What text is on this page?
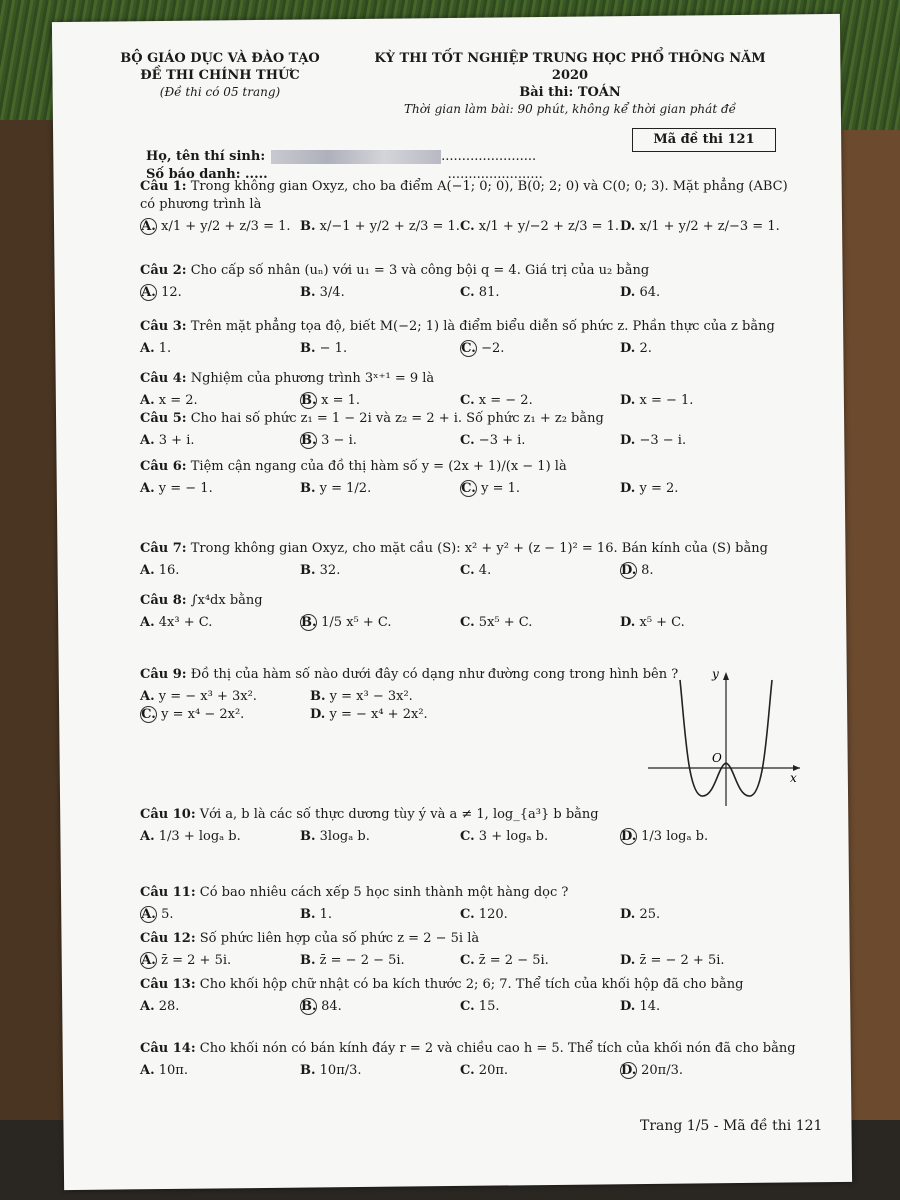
BỘ GIÁO DỤC VÀ ĐÀO TẠO
ĐỀ THI CHÍNH THỨC
(Đề thi có 05 trang)
KỲ THI TỐT NGHIỆP TRUNG HỌC PHỔ THÔNG NĂM 2020
Bài thi: TOÁN
Thời gian làm bài: 90 phút, không kể thời gian phát đề
Mã đề thi 121
Họ, tên thí sinh:	.......................
Số báo danh: .....	.......................
Câu 1: Trong không gian Oxyz, cho ba điểm A(−1; 0; 0), B(0; 2; 0) và C(0; 0; 3). Mặt phẳng (ABC) có phương trình là
A. x/1 + y/2 + z/3 = 1. B. x/−1 + y/2 + z/3 = 1. C. x/1 + y/−2 + z/3 = 1. D. x/1 + y/2 + z/−3 = 1.
Câu 2: Cho cấp số nhân (uₙ) với u₁ = 3 và công bội q = 4. Giá trị của u₂ bằng
A. 12.	B. 3/4.	C. 81.	D. 64.
Câu 3: Trên mặt phẳng tọa độ, biết M(−2; 1) là điểm biểu diễn số phức z. Phần thực của z bằng
A. 1.	B. − 1.	C. −2.	D. 2.
Câu 4: Nghiệm của phương trình 3ˣ⁺¹ = 9 là
A. x = 2.	B. x = 1.	C. x = − 2.	D. x = − 1.
Câu 5: Cho hai số phức z₁ = 1 − 2i và z₂ = 2 + i. Số phức z₁ + z₂ bằng
A. 3 + i.	B. 3 − i.	C. −3 + i.	D. −3 − i.
Câu 6: Tiệm cận ngang của đồ thị hàm số y = (2x + 1)/(x − 1) là
A. y = − 1.	B. y = 1/2.	C. y = 1.	D. y = 2.
Câu 7: Trong không gian Oxyz, cho mặt cầu (S): x² + y² + (z − 1)² = 16. Bán kính của (S) bằng
A. 16.	B. 32.	C. 4.	D. 8.
Câu 8: ∫x⁴dx bằng
A. 4x³ + C.	B. 1/5 x⁵ + C.	C. 5x⁵ + C.	D. x⁵ + C.
Câu 9: Đồ thị của hàm số nào dưới đây có dạng như đường cong trong hình bên ?
A. y = − x³ + 3x².	B. y = x³ − 3x².
C. y = x⁴ − 2x².	D. y = − x⁴ + 2x².
Câu 10: Với a, b là các số thực dương tùy ý và a ≠ 1, log_{a³} b bằng
A. 1/3 + logₐ b.	B. 3logₐ b.	C. 3 + logₐ b.	D. 1/3 logₐ b.
Câu 11: Có bao nhiêu cách xếp 5 học sinh thành một hàng dọc ?
A. 5.	B. 1.	C. 120.	D. 25.
Câu 12: Số phức liên hợp của số phức z = 2 − 5i là
A. z̄ = 2 + 5i.	B. z̄ = − 2 − 5i.	C. z̄ = 2 − 5i.	D. z̄ = − 2 + 5i.
Câu 13: Cho khối hộp chữ nhật có ba kích thước 2; 6; 7. Thể tích của khối hộp đã cho bằng
A. 28.	B. 84.	C. 15.	D. 14.
Câu 14: Cho khối nón có bán kính đáy r = 2 và chiều cao h = 5. Thể tích của khối nón đã cho bằng
A. 10π.	B. 10π/3.	C. 20π.	D. 20π/3.
y
x
O
Trang 1/5 - Mã đề thi 121
